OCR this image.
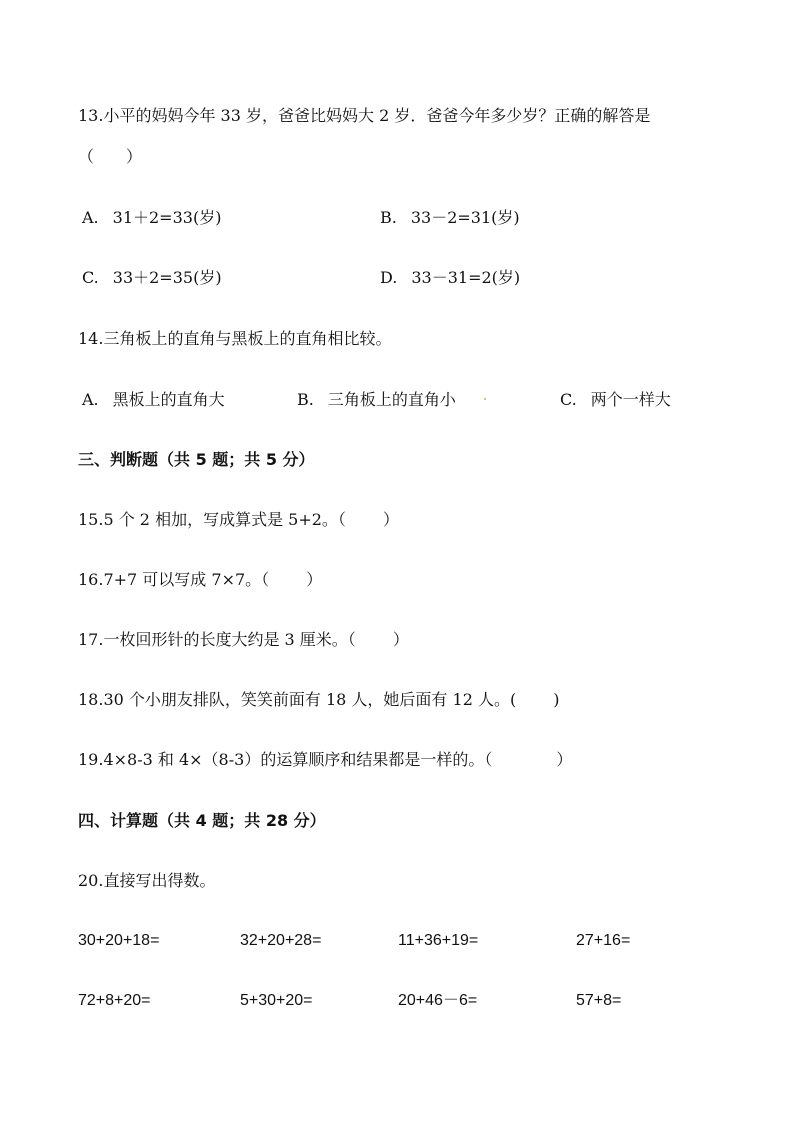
13.小平的妈妈今年 33 岁，爸爸比妈妈大 2 岁．爸爸今年多少岁？正确的解答是
（　　）
A. 31＋2=33(岁)	B. 33－2=31(岁)
C. 33＋2=35(岁)	D. 33－31=2(岁)
14.三角板上的直角与黑板上的直角相比较。
A. 黑板上的直角大	B. 三角板上的直角小	C. 两个一样大
三、判断题（共 5 题；共 5 分）
15.5 个 2 相加，写成算式是 5+2。（　　 ）
16.7+7 可以写成 7×7。（　　 ）
17.一枚回形针的长度大约是 3 厘米。（　　 ）
18.30 个小朋友排队，笑笑前面有 18 人，她后面有 12 人。(　　 )
19.4×8-3 和 4×（8-3）的运算顺序和结果都是一样的。（　　　　）
四、计算题（共 4 题；共 28 分）
20.直接写出得数。
30+20+18=	32+20+28=	11+36+19=	27+16=
72+8+20=	5+30+20=	20+46－6=	57+8=
